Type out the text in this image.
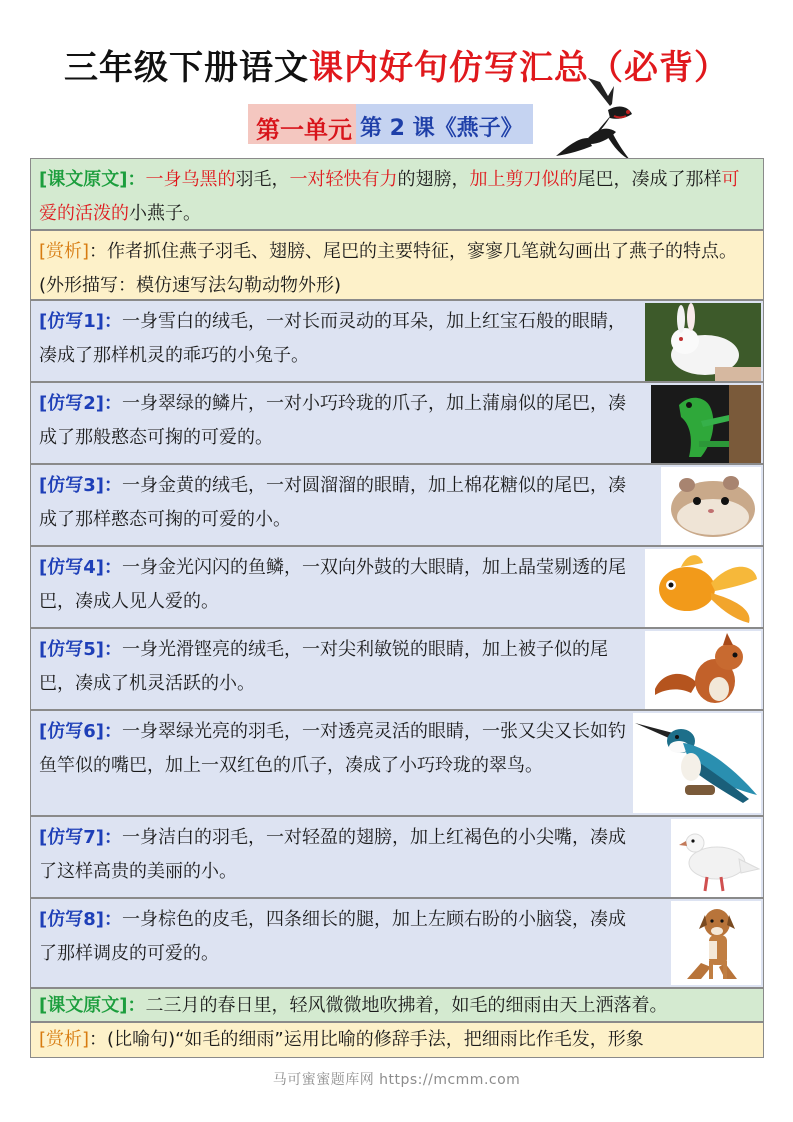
三年级下册语文课内好句仿写汇总（必背）
第一单元 第 2 课《燕子》
[课文原文]：一身乌黑的羽毛，一对轻快有力的翅膀，加上剪刀似的尾巴，凑成了那样可爱的活泼的小燕子。
[赏析]：作者抓住燕子羽毛、翅膀、尾巴的主要特征，寥寥几笔就勾画出了燕子的特点。(外形描写：模仿速写法勾勒动物外形)
[仿写1]：一身雪白的绒毛，一对长而灵动的耳朵，加上红宝石般的眼睛，凑成了那样机灵的乖巧的小兔子。
[仿写2]：一身翠绿的鳞片，一对小巧玲珑的爪子，加上蒲扇似的尾巴，凑成了那般憨态可掬的可爱的。
[仿写3]：一身金黄的绒毛，一对圆溜溜的眼睛，加上棉花糖似的尾巴，凑成了那样憨态可掬的可爱的小。
[仿写4]：一身金光闪闪的鱼鳞，一双向外鼓的大眼睛，加上晶莹剔透的尾巴，凑成人见人爱的。
[仿写5]：一身光滑铿亮的绒毛，一对尖利敏锐的眼睛，加上被子似的尾巴，凑成了机灵活跃的小。
[仿写6]：一身翠绿光亮的羽毛，一对透亮灵活的眼睛，一张又尖又长如钓鱼竿似的嘴巴，加上一双红色的爪子，凑成了小巧玲珑的翠鸟。
[仿写7]：一身洁白的羽毛，一对轻盈的翅膀，加上红褐色的小尖嘴，凑成了这样高贵的美丽的小。
[仿写8]：一身棕色的皮毛，四条细长的腿，加上左顾右盼的小脑袋，凑成了那样调皮的可爱的。
[课文原文]：二三月的春日里，轻风微微地吹拂着，如毛的细雨由天上洒落着。
[赏析]：(比喻句)“如毛的细雨”运用比喻的修辞手法，把细雨比作毛发，形象
马可蜜蜜题库网 https://mcmm.com
